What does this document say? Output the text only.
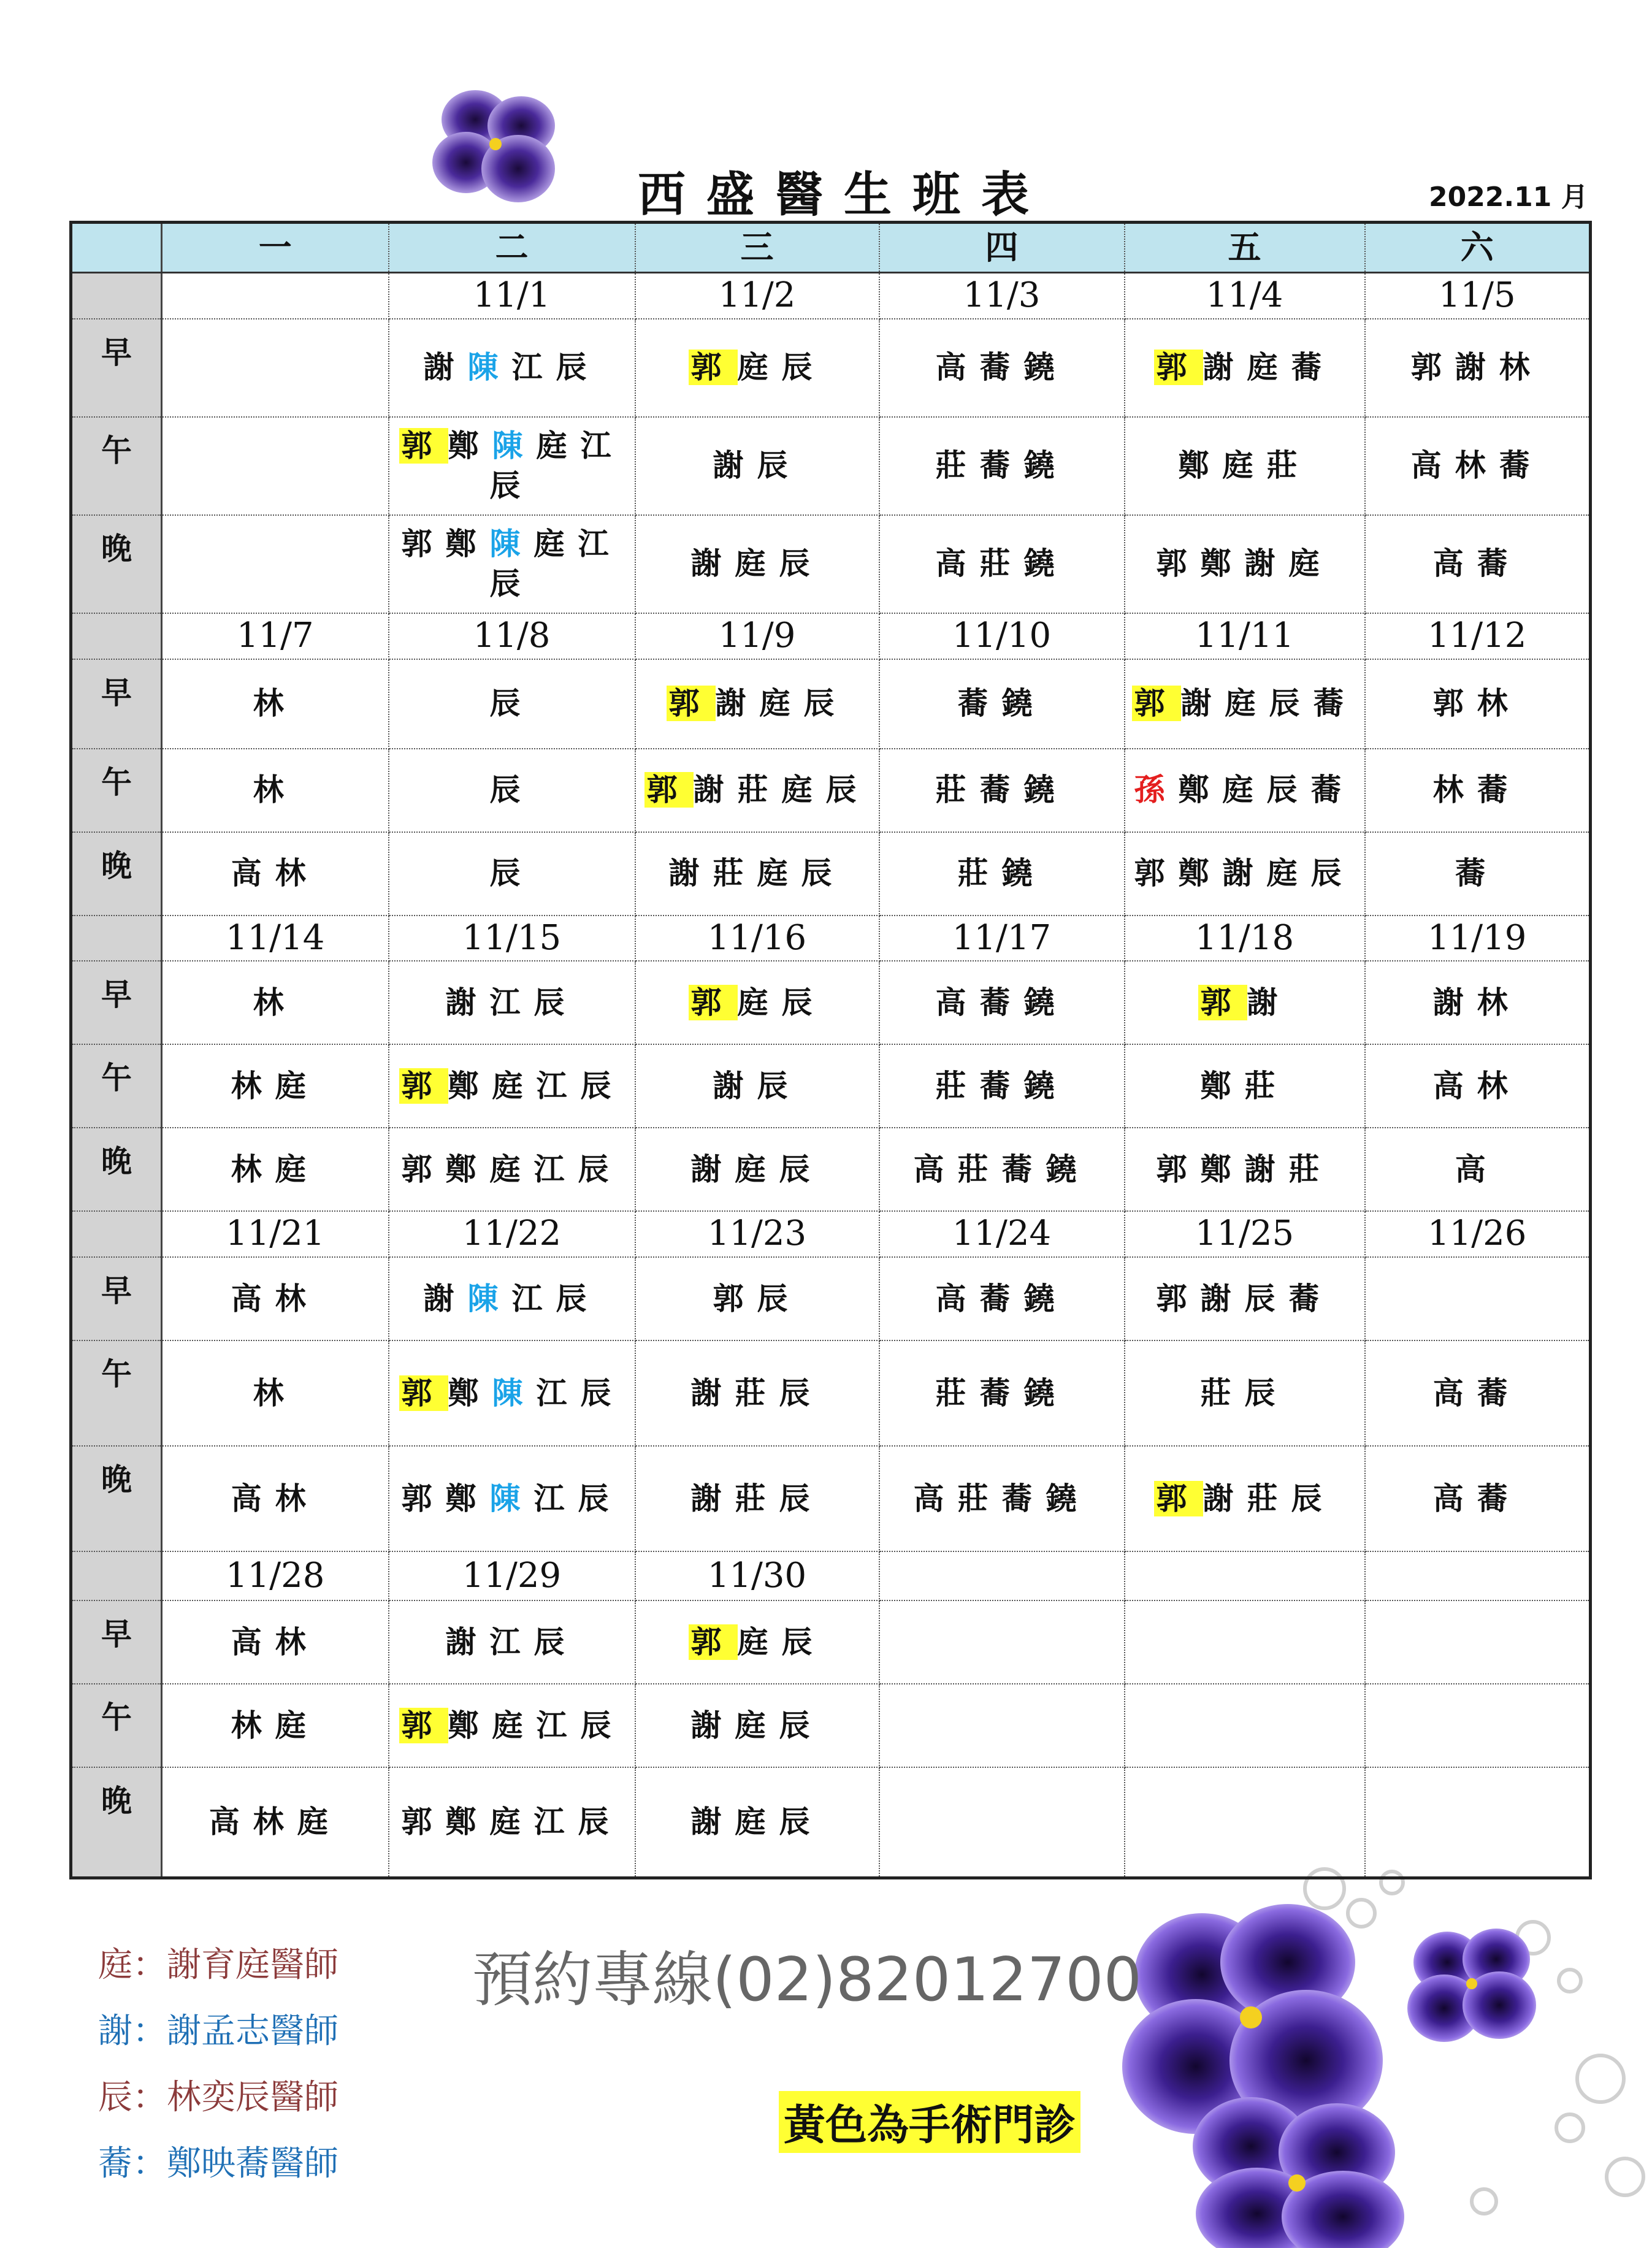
西盛醫生班表	2022.11 月
	一	二	三	四	五	六
		11/1	11/2	11/3	11/4	11/5
早		謝陳江辰	郭庭辰	高蕎鐃	郭謝庭蕎	郭謝林
午		郭鄭陳庭江辰	謝辰	莊蕎鐃	鄭庭莊	高林蕎
晚		郭鄭陳庭江辰	謝庭辰	高莊鐃	郭鄭謝庭	高蕎
	11/7	11/8	11/9	11/10	11/11	11/12
早	林	辰	郭謝庭辰	蕎鐃	郭謝庭辰蕎	郭林
午	林	辰	郭謝莊庭辰	莊蕎鐃	孫鄭庭辰蕎	林蕎
晚	高林	辰	謝莊庭辰	莊鐃	郭鄭謝庭辰	蕎
	11/14	11/15	11/16	11/17	11/18	11/19
早	林	謝江辰	郭庭辰	高蕎鐃	郭謝	謝林
午	林庭	郭鄭庭江辰	謝辰	莊蕎鐃	鄭莊	高林
晚	林庭	郭鄭庭江辰	謝庭辰	高莊蕎鐃	郭鄭謝莊	高
	11/21	11/22	11/23	11/24	11/25	11/26
早	高林	謝陳江辰	郭辰	高蕎鐃	郭謝辰蕎	
午	林	郭鄭陳江辰	謝莊辰	莊蕎鐃	莊辰	高蕎
晚	高林	郭鄭陳江辰	謝莊辰	高莊蕎鐃	郭謝莊辰	高蕎
	11/28	11/29	11/30			
早	高林	謝江辰	郭庭辰			
午	林庭	郭鄭庭江辰	謝庭辰			
晚	高林庭	郭鄭庭江辰	謝庭辰			
庭：謝育庭醫師
謝：謝孟志醫師
辰：林奕辰醫師
蕎：鄭映蕎醫師
預約專線(02)82012700
黃色為手術門診
